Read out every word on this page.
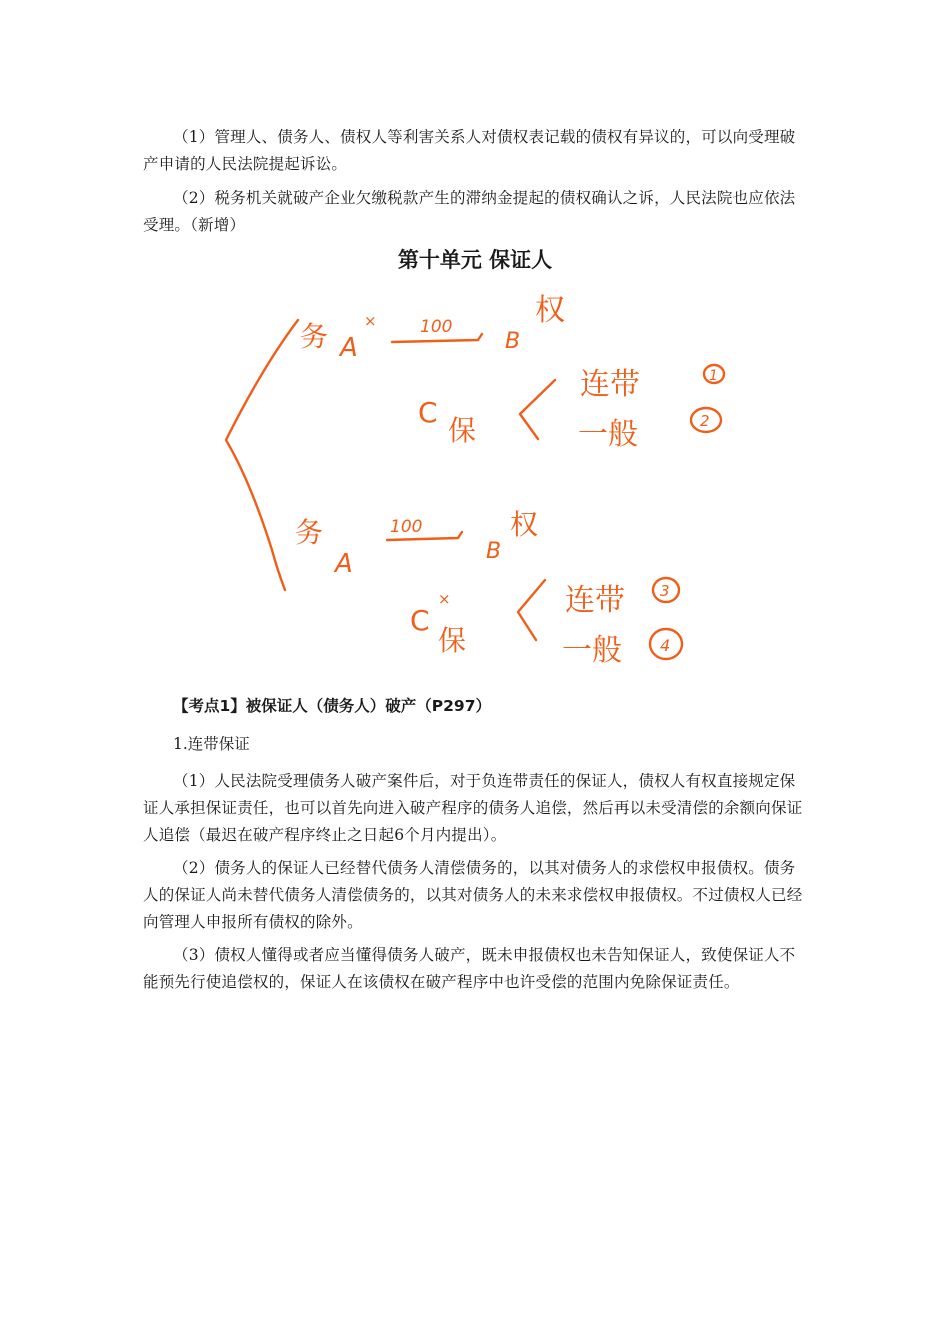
（1）管理人、债务人、债权人等利害关系人对债权表记载的债权有异议的，可以向受理破产申请的人民法院提起诉讼。

（2）税务机关就破产企业欠缴税款产生的滞纳金提起的债权确认之诉，人民法院也应依法受理。（新增）

第十单元 保证人
务 A
×	100
B
权
C
保
连带
一般
1
2
务
A
100
B
权
C
×
保
连带
一般
3
4

【考点1】被保证人（债务人）破产（P297）

1.连带保证

（1）人民法院受理债务人破产案件后，对于负连带责任的保证人，债权人有权直接规定保证人承担保证责任，也可以首先向进入破产程序的债务人追偿，然后再以未受清偿的余额向保证人追偿（最迟在破产程序终止之日起6个月内提出）。

（2）债务人的保证人已经替代债务人清偿债务的，以其对债务人的求偿权申报债权。债务人的保证人尚未替代债务人清偿债务的，以其对债务人的未来求偿权申报债权。不过债权人已经向管理人申报所有债权的除外。

（3）债权人懂得或者应当懂得债务人破产，既未申报债权也未告知保证人，致使保证人不能预先行使追偿权的，保证人在该债权在破产程序中也许受偿的范围内免除保证责任。
